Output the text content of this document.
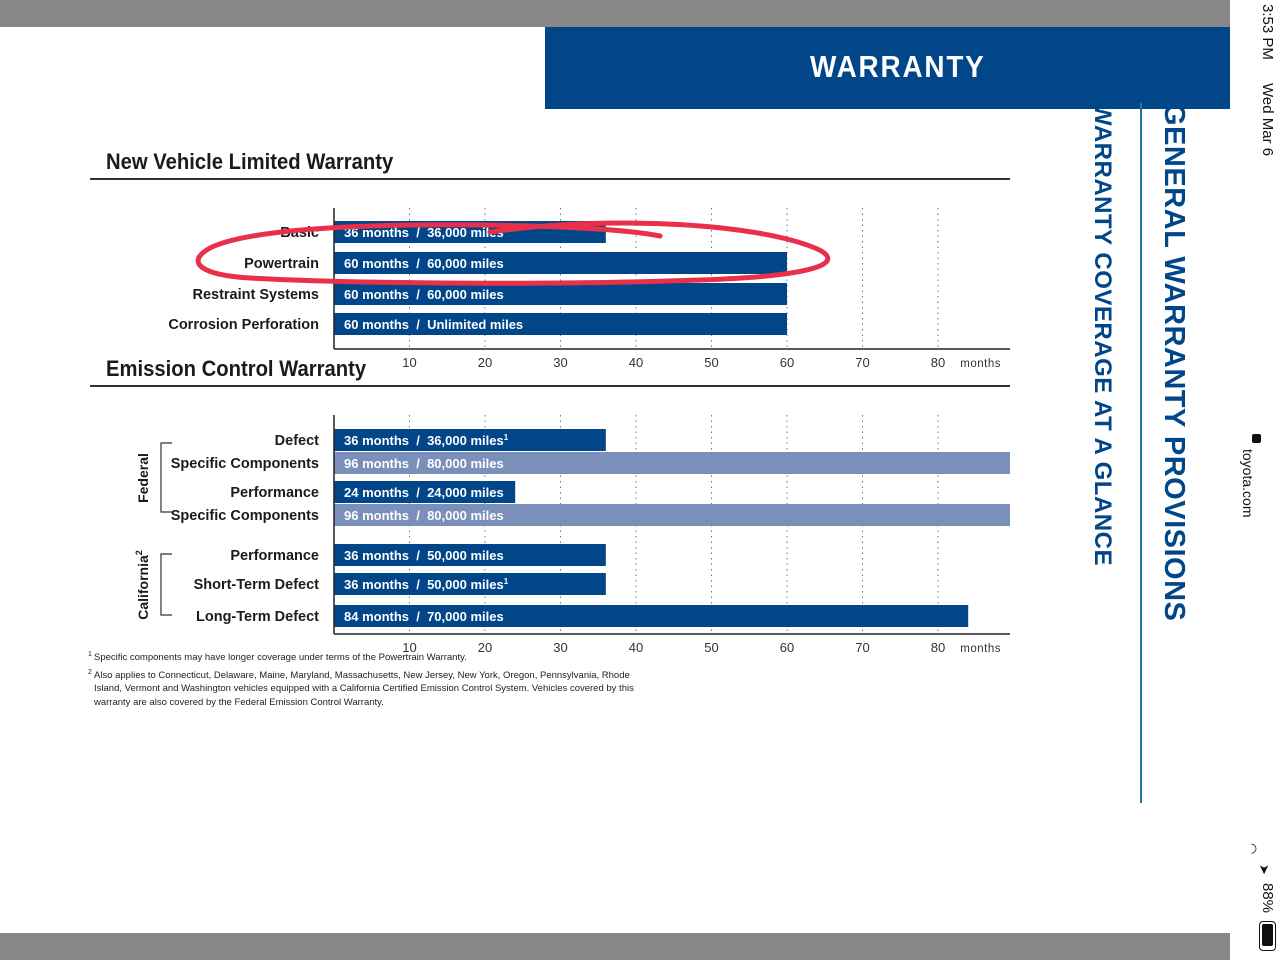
WARRANTY
GENERAL WARRANTY PROVISIONS
WARRANTY COVERAGE AT A GLANCE
New Vehicle Limited Warranty
36 months  /  36,000 miles
Basic
60 months  /  60,000 miles
Powertrain
60 months  /  60,000 miles
Restraint Systems
60 months  /  Unlimited miles
Corrosion Perforation
10	20	30	40	50	60	70	80 months
Emission Control Warranty
36 months  /  36,000 miles$^1$
Defect
96 months  /  80,000 miles
Specific Components
24 months  /  24,000 miles
Performance
96 months  /  80,000 miles
Specific Components
36 months  /  50,000 miles
Performance
36 months  /  50,000 miles$^1$
Short-Term Defect
84 months  /  70,000 miles
Long-Term Defect
10	20	30	40	50	60	70	80 months
Federal
California$^2$
1 Specific components may have longer coverage under terms of the Powertrain Warranty.
2 Also applies to Connecticut, Delaware, Maine, Maryland, Massachusetts, New Jersey, New York, Oregon, Pennsylvania, Rhode Island, Vermont and Washington vehicles equipped with a California Certified Emission Control System. Vehicles covered by this warranty are also covered by the Federal Emission Control Warranty.
3:53 PM
Wed Mar 6
toyota.com
◠
➤
88%
